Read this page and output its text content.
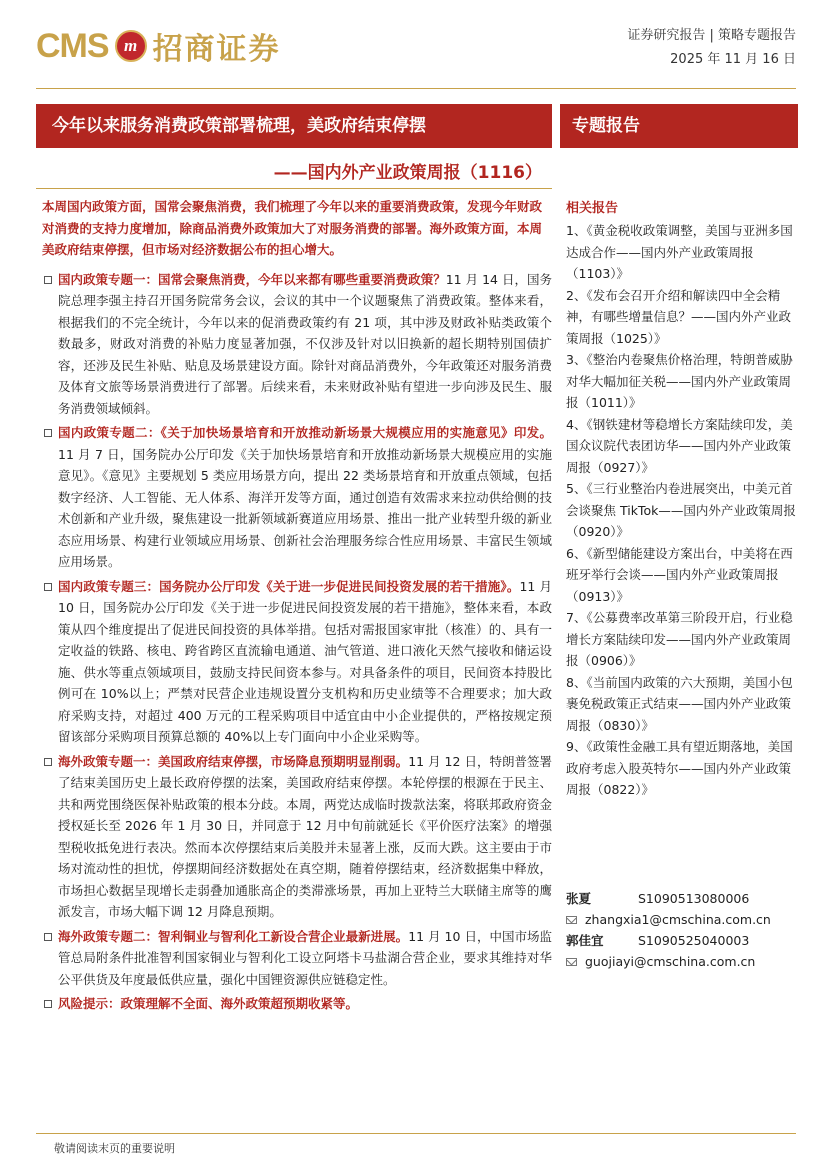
CMS m 招商证券	证券研究报告 | 策略专题报告
2025 年 11 月 16 日
今年以来服务消费政策部署梳理，美政府结束停摆	专题报告
——国内外产业政策周报（1116）

本周国内政策方面，国常会聚焦消费，我们梳理了今年以来的重要消费政策，发现今年财政对消费的支持力度增加，除商品消费外政策加大了对服务消费的部署。海外政策方面，本周美政府结束停摆，但市场对经济数据公布的担心增大。

国内政策专题一：国常会聚焦消费，今年以来都有哪些重要消费政策？11 月 14 日，国务院总理李强主持召开国务院常务会议，会议的其中一个议题聚焦了消费政策。整体来看，根据我们的不完全统计，今年以来的促消费政策约有 21 项，其中涉及财政补贴类政策个数最多，财政对消费的补贴力度显著加强，不仅涉及针对以旧换新的超长期特别国债扩容，还涉及民生补贴、贴息及场景建设方面。除针对商品消费外，今年政策还对服务消费及体育文旅等场景消费进行了部署。后续来看，未来财政补贴有望进一步向涉及民生、服务消费领域倾斜。
国内政策专题二：《关于加快场景培育和开放推动新场景大规模应用的实施意见》印发。11 月 7 日，国务院办公厅印发《关于加快场景培育和开放推动新场景大规模应用的实施意见》。《意见》主要规划 5 类应用场景方向，提出 22 类场景培育和开放重点领域，包括数字经济、人工智能、无人体系、海洋开发等方面，通过创造有效需求来拉动供给侧的技术创新和产业升级，聚焦建设一批新领域新赛道应用场景、推出一批产业转型升级的新业态应用场景、构建行业领域应用场景、创新社会治理服务综合性应用场景、丰富民生领域应用场景。
国内政策专题三：国务院办公厅印发《关于进一步促进民间投资发展的若干措施》。11 月 10 日，国务院办公厅印发《关于进一步促进民间投资发展的若干措施》，整体来看，本政策从四个维度提出了促进民间投资的具体举措。包括对需报国家审批（核准）的、具有一定收益的铁路、核电、跨省跨区直流输电通道、油气管道、进口液化天然气接收和储运设施、供水等重点领域项目，鼓励支持民间资本参与。对具备条件的项目，民间资本持股比例可在 10%以上；严禁对民营企业违规设置分支机构和历史业绩等不合理要求；加大政府采购支持，对超过 400 万元的工程采购项目中适宜由中小企业提供的，严格按规定预留该部分采购项目预算总额的 40%以上专门面向中小企业采购等。
海外政策专题一：美国政府结束停摆，市场降息预期明显削弱。11 月 12 日，特朗普签署了结束美国历史上最长政府停摆的法案，美国政府结束停摆。本轮停摆的根源在于民主、共和两党围绕医保补贴政策的根本分歧。本周，两党达成临时拨款法案，将联邦政府资金授权延长至 2026 年 1 月 30 日，并同意于 12 月中旬前就延长《平价医疗法案》的增强型税收抵免进行表决。然而本次停摆结束后美股并未显著上涨，反而大跌。这主要由于市场对流动性的担忧，停摆期间经济数据处在真空期，随着停摆结束，经济数据集中释放，市场担心数据呈现增长走弱叠加通胀高企的类滞涨场景，再加上亚特兰大联储主席等的鹰派发言，市场大幅下调 12 月降息预期。
海外政策专题二：智利铜业与智利化工新设合营企业最新进展。11 月 10 日，中国市场监管总局附条件批准智利国家铜业与智利化工设立阿塔卡马盐湖合营企业，要求其维持对华公平供货及年度最低供应量，强化中国锂资源供应链稳定性。
风险提示：政策理解不全面、海外政策超预期收紧等。
相关报告
1、《黄金税收政策调整，美国与亚洲多国达成合作——国内外产业政策周报（1103）》
2、《发布会召开介绍和解读四中全会精神，有哪些增量信息？——国内外产业政策周报（1025）》
3、《整治内卷聚焦价格治理，特朗普威胁对华大幅加征关税——国内外产业政策周报（1011）》
4、《钢铁建材等稳增长方案陆续印发，美国众议院代表团访华——国内外产业政策周报（0927）》
5、《三行业整治内卷进展突出，中美元首会谈聚焦 TikTok——国内外产业政策周报（0920）》
6、《新型储能建设方案出台，中美将在西班牙举行会谈——国内外产业政策周报（0913）》
7、《公募费率改革第三阶段开启，行业稳增长方案陆续印发——国内外产业政策周报（0906）》
8、《当前国内政策的六大预期，美国小包裹免税政策正式结束——国内外产业政策周报（0830）》
9、《政策性金融工具有望近期落地，美国政府考虑入股英特尔——国内外产业政策周报（0822）》
张夏	S1090513080006
zhangxia1@cmschina.com.cn
郭佳宜	S1090525040003
guojiayi@cmschina.com.cn
敬请阅读末页的重要说明
